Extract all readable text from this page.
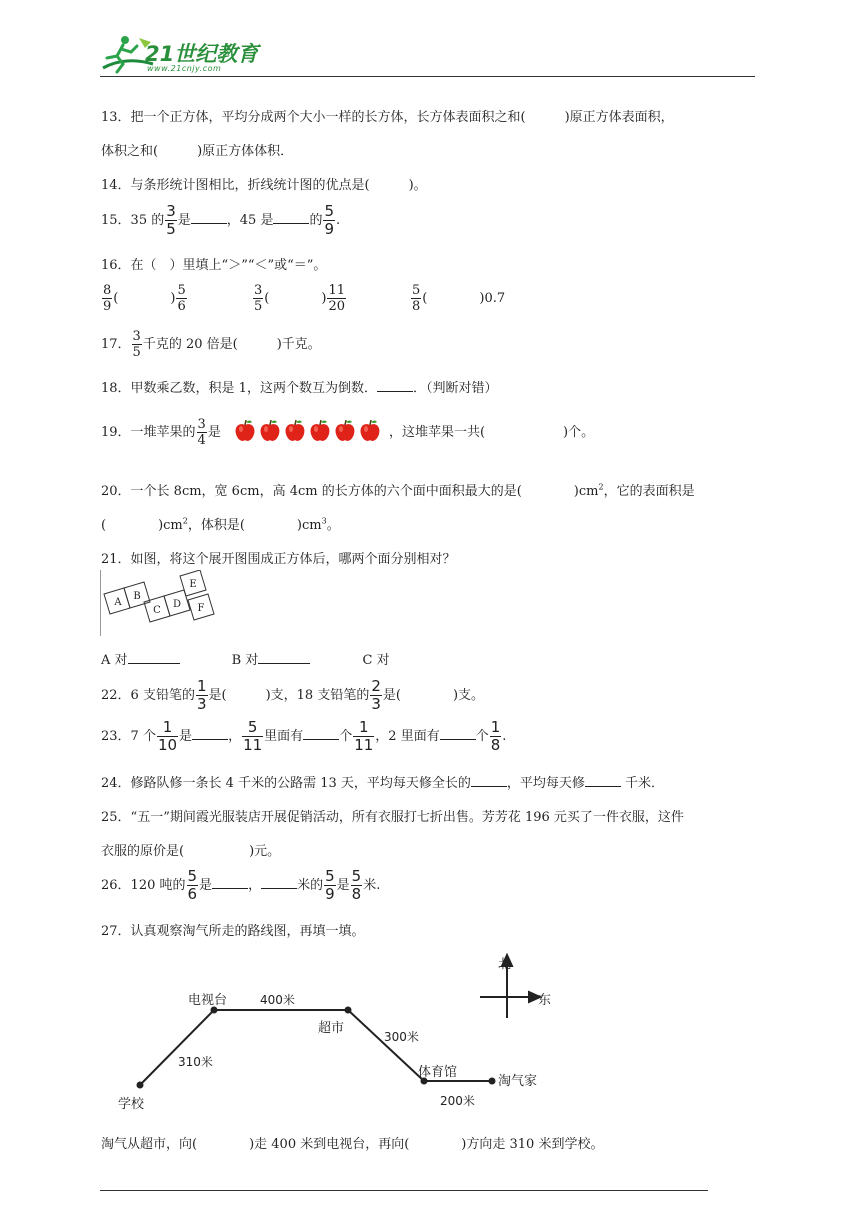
21世纪教育
www.21cnjy.com
13．把一个正方体，平均分成两个大小一样的长方体，长方体表面积之和(　　　)原正方体表面积，
体积之和(　　　)原正方体体积．
14．与条形统计图相比，折线统计图的优点是(　　　)。
15．35 的 $\frac{3}{5}$ 是	，45 是	的 $\frac{5}{9}$ .
16．在（　）里填上“＞”“＜”或“＝”。
$\frac{8}{9}$ (　　　　) $\frac{5}{6}$	$\frac{3}{5}$ (　　　　) $\frac{11}{20}$	$\frac{5}{8}$ (　　　　)0.7
17． $\frac{3}{5}$ 千克的 20 倍是(　　　)千克。
18．甲数乘乙数，积是 1，这两个数互为倒数．	．（判断对错）
19．一堆苹果的 $\frac{3}{4}$ 是	，这堆苹果一共(　　　　　　)个。
20．一个长 8cm，宽 6cm，高 4cm 的长方体的六个面中面积最大的是(　　　　)$cm^2$，它的表面积是
(　　　　)$cm^2$，体积是(　　　　)$cm^3$。
21．如图，将这个展开图围成正方体后，哪两个面分别相对？
A
B
C
D
E
F
A 对	B 对	C 对
22．6 支铅笔的 $\frac{1}{3}$ 是(　　　)支，18 支铅笔的 $\frac{2}{3}$ 是(　　　　)支。
23．7 个 $\frac{1}{10}$ 是	， $\frac{5}{11}$ 里面有	个 $\frac{1}{11}$ ，2 里面有	个 $\frac{1}{8}$ .
24．修路队修一条长 4 千米的公路需 13 天，平均每天修全长的	，平均每天修	千米．
25．“五一”期间霞光服装店开展促销活动，所有衣服打七折出售。芳芳花 196 元买了一件衣服，这件
衣服的原价是(　　　　　)元。
26．120 吨的 $\frac{5}{6}$ 是	，	米的 $\frac{5}{9}$ 是 $\frac{5}{8}$ 米.
27．认真观察淘气所走的路线图，再填一填。
北
东
电视台
超市
体育馆
淘气家
学校
400米
300米
310米
200米
淘气从超市，向(　　　　)走 400 米到电视台，再向(　　　　)方向走 310 米到学校。
